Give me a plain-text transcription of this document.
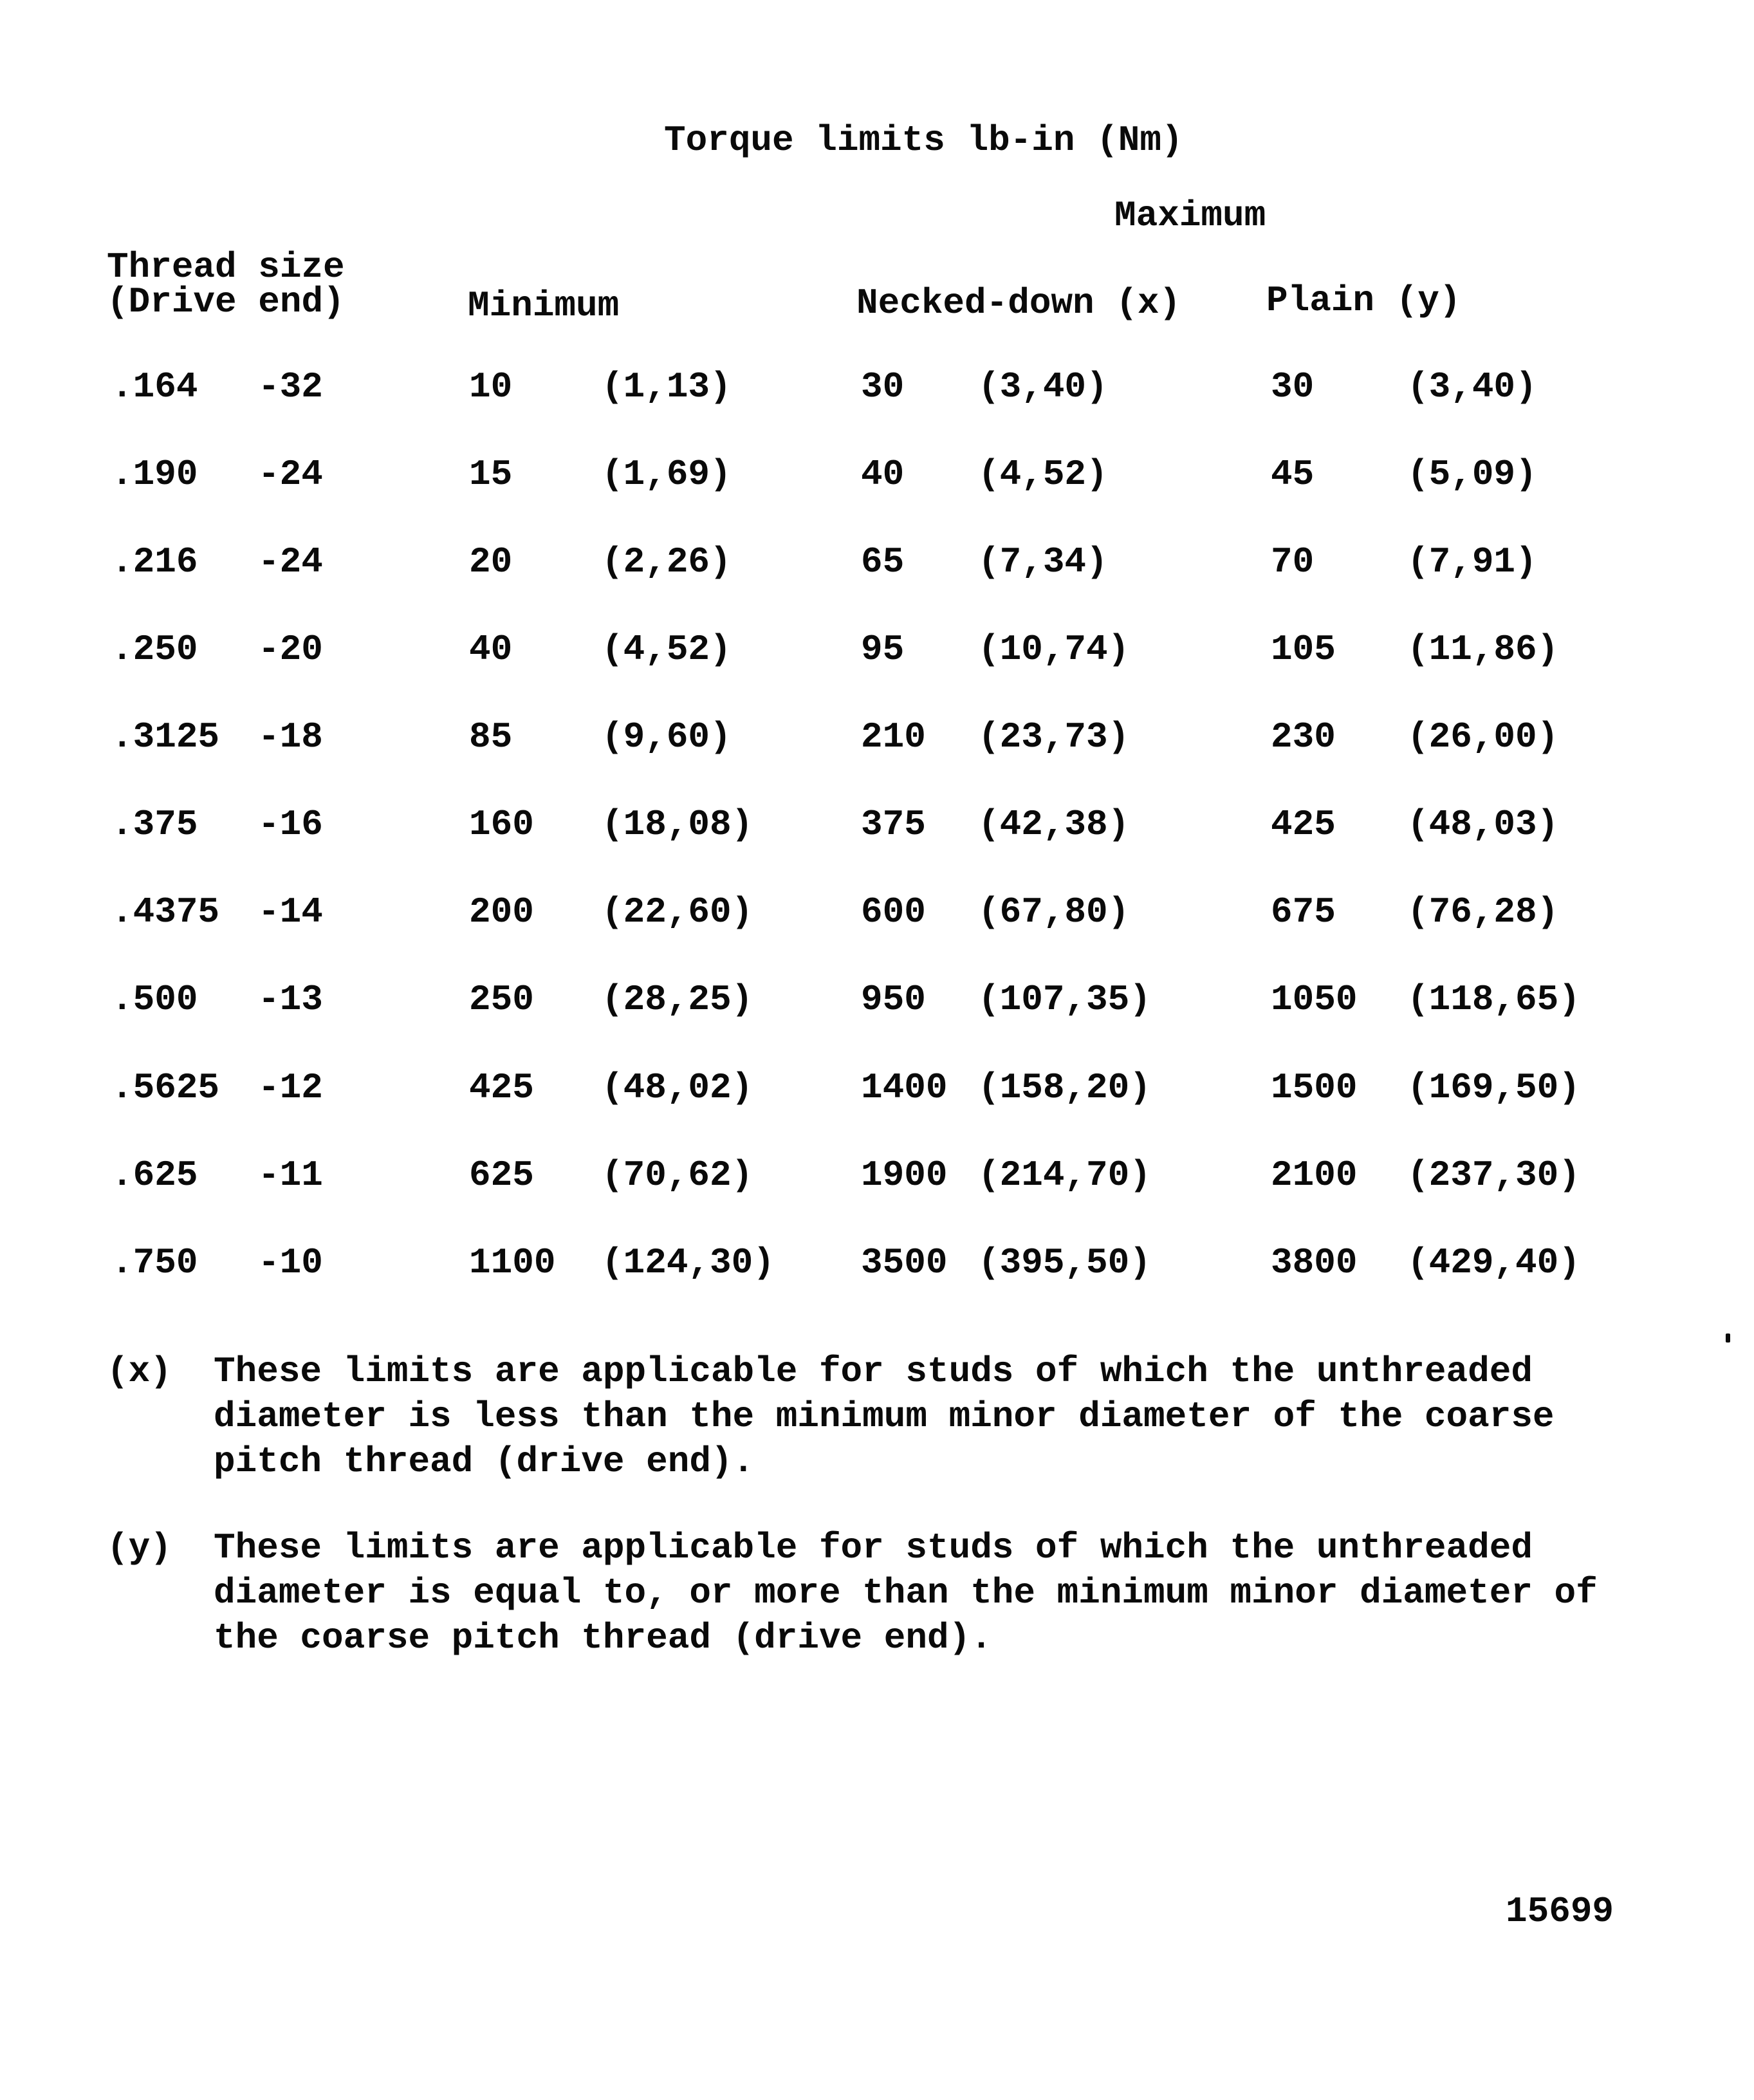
Torque limits lb-in (Nm)
Maximum
Thread size
(Drive end)	Minimum	Necked-down (x) Plain (y)
.164 -32	10 (1,13)	30 (3,40)	30	(3,40)
.190 -24	15 (1,69)	40 (4,52)	45	(5,09)
.216 -24	20 (2,26)	65 (7,34)	70	(7,91)
.250 -20	40 (4,52)	95 (10,74)	105 (11,86)
.3125 -18	85 (9,60)	210 (23,73)	230 (26,00)
.375 -16	160 (18,08)	375 (42,38)	425 (48,03)
.4375 -14	200 (22,60)	600 (67,80)	675 (76,28)
.500 -13	250 (28,25)	950 (107,35)	1050 (118,65)
.5625 -12	425 (48,02)	1400 (158,20)	1500 (169,50)
.625 -11	625 (70,62)	1900 (214,70)	2100 (237,30)
.750 -10	1100 (124,30) 3500 (395,50)	3800 (429,40)
(x) These limits are applicable for studs of which the unthreaded
diameter is less than the minimum minor diameter of the coarse
pitch thread (drive end).
(y) These limits are applicable for studs of which the unthreaded
diameter is equal to, or more than the minimum minor diameter of
the coarse pitch thread (drive end).
15699
